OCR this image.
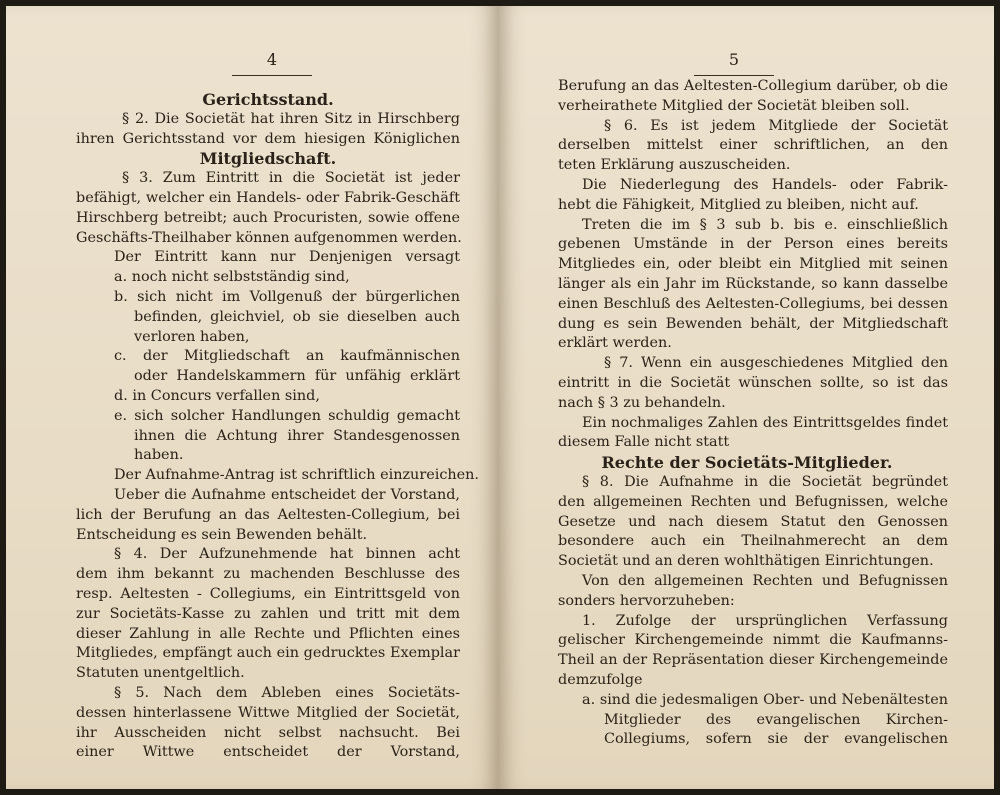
4
Gerichtsstand.
§ 2. Die Societät hat ihren Sitz in Hirschberg
ihren Gerichtsstand vor dem hiesigen Königlichen
Mitgliedschaft.
§ 3. Zum Eintritt in die Societät ist jeder
befähigt, welcher ein Handels- oder Fabrik-Geschäft
Hirschberg betreibt; auch Procuristen, sowie offene
Geschäfts-Theilhaber können aufgenommen werden.
Der Eintritt kann nur Denjenigen versagt
a. noch nicht selbstständig sind,
b. sich nicht im Vollgenuß der bürgerlichen
befinden, gleichviel, ob sie dieselben auch
verloren haben,
c. der Mitgliedschaft an kaufmännischen
oder Handelskammern für unfähig erklärt
d. in Concurs verfallen sind,
e. sich solcher Handlungen schuldig gemacht
ihnen die Achtung ihrer Standesgenossen
haben.
Der Aufnahme-Antrag ist schriftlich einzureichen.
Ueber die Aufnahme entscheidet der Vorstand,
lich der Berufung an das Aeltesten-Collegium, bei
Entscheidung es sein Bewenden behält.
§ 4. Der Aufzunehmende hat binnen acht
dem ihm bekannt zu machenden Beschlusse des
resp. Aeltesten - Collegiums, ein Eintrittsgeld von
zur Societäts-Kasse zu zahlen und tritt mit dem
dieser Zahlung in alle Rechte und Pflichten eines
Mitgliedes, empfängt auch ein gedrucktes Exemplar
Statuten unentgeltlich.
§ 5. Nach dem Ableben eines Societäts-
dessen hinterlassene Wittwe Mitglied der Societät,
ihr Ausscheiden nicht selbst nachsucht. Bei
einer Wittwe entscheidet der Vorstand,
5
Berufung an das Aeltesten-Collegium darüber, ob die
verheirathete Mitglied der Societät bleiben soll.
§ 6. Es ist jedem Mitgliede der Societät
derselben mittelst einer schriftlichen, an den
teten Erklärung auszuscheiden.
Die Niederlegung des Handels- oder Fabrik-
hebt die Fähigkeit, Mitglied zu bleiben, nicht auf.
Treten die im § 3 sub b. bis e. einschließlich
gebenen Umstände in der Person eines bereits
Mitgliedes ein, oder bleibt ein Mitglied mit seinen
länger als ein Jahr im Rückstande, so kann dasselbe
einen Beschluß des Aeltesten-Collegiums, bei dessen
dung es sein Bewenden behält, der Mitgliedschaft
erklärt werden.
§ 7. Wenn ein ausgeschiedenes Mitglied den
eintritt in die Societät wünschen sollte, so ist das
nach § 3 zu behandeln.
Ein nochmaliges Zahlen des Eintrittsgeldes findet
diesem Falle nicht statt
Rechte der Societäts-Mitglieder.
§ 8. Die Aufnahme in die Societät begründet
den allgemeinen Rechten und Befugnissen, welche
Gesetze und nach diesem Statut den Genossen
besondere auch ein Theilnahmerecht an dem
Societät und an deren wohlthätigen Einrichtungen.
Von den allgemeinen Rechten und Befugnissen
sonders hervorzuheben:
1. Zufolge der ursprünglichen Verfassung
gelischer Kirchengemeinde nimmt die Kaufmanns-
Theil an der Repräsentation dieser Kirchengemeinde
demzufolge
a. sind die jedesmaligen Ober- und Nebenältesten
Mitglieder des evangelischen Kirchen-
Collegiums, sofern sie der evangelischen
